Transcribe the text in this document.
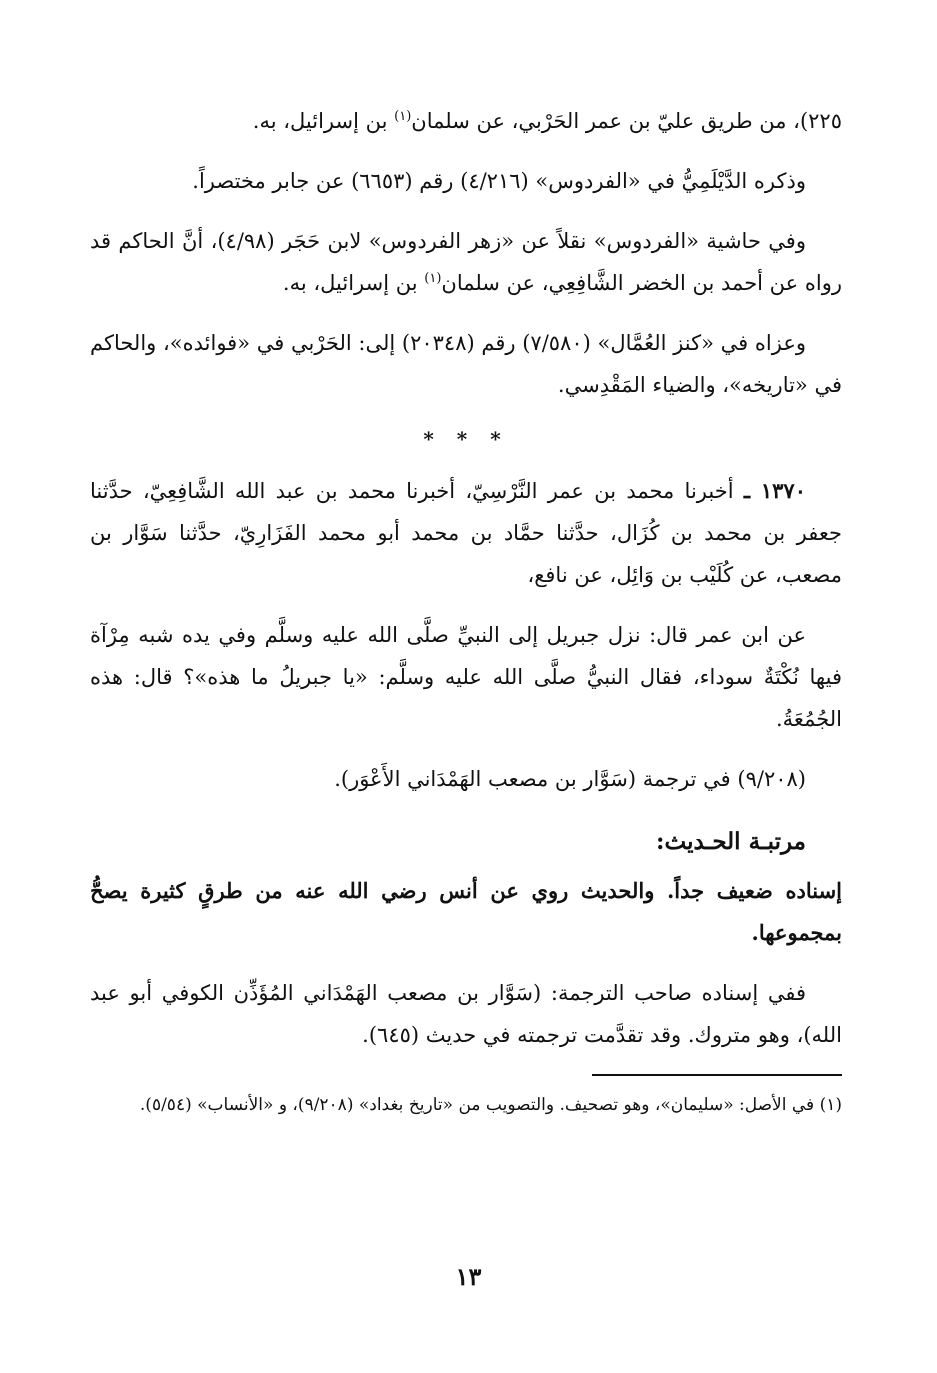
٢٢٥)، من طريق عليّ بن عمر الحَرْبي، عن سلمان$^{(١)}$ بن إسرائيل، به.

وذكره الدَّيْلَمِيُّ في «الفردوس» (٤/٢١٦) رقم (٦٦٥٣) عن جابر مختصراً.

وفي حاشية «الفردوس» نقلاً عن «زهر الفردوس» لابن حَجَر (٤/٩٨)، أنَّ الحاكم قد رواه عن أحمد بن الخضر الشَّافِعِي، عن سلمان$^{(١)}$ بن إسرائيل، به.

وعزاه في «كنز العُمَّال» (٧/٥٨٠) رقم (٢٠٣٤٨) إلى: الحَرْبي في «فوائده»، والحاكم في «تاريخه»، والضياء المَقْدِسي.

* * *

١٣٧٠ ـ أخبرنا محمد بن عمر النَّرْسِيّ، أخبرنا محمد بن عبد الله الشَّافِعِيّ، حدَّثنا جعفر بن محمد بن كُزَال، حدَّثنا حمَّاد بن محمد أبو محمد الفَزَارِيّ، حدَّثنا سَوَّار بن مصعب، عن كُلَيْب بن وَائِل، عن نافع،

عن ابن عمر قال: نزل جبريل إلى النبيِّ صلَّى الله عليه وسلَّم وفي يده شبه مِرْآة فيها نُكْتَةٌ سوداء، فقال النبيُّ صلَّى الله عليه وسلَّم: «يا جبريلُ ما هذه»؟ قال: هذه الجُمُعَةُ.

(٩/٢٠٨) في ترجمة (سَوَّار بن مصعب الهَمْدَاني الأَعْوَر).

مرتبـة الحـديث:

إسناده ضعيف جداً. والحديث روي عن أنس رضي الله عنه من طرقٍ كثيرة يصحُّ بمجموعها.

ففي إسناده صاحب الترجمة: (سَوَّار بن مصعب الهَمْدَاني المُؤَذِّن الكوفي أبو عبد الله)، وهو متروك. وقد تقدَّمت ترجمته في حديث (٦٤٥).

(١) في الأصل: «سليمان»، وهو تصحيف. والتصويب من «تاريخ بغداد» (٩/٢٠٨)، و «الأنساب» (٥/٥٤).

١٣
